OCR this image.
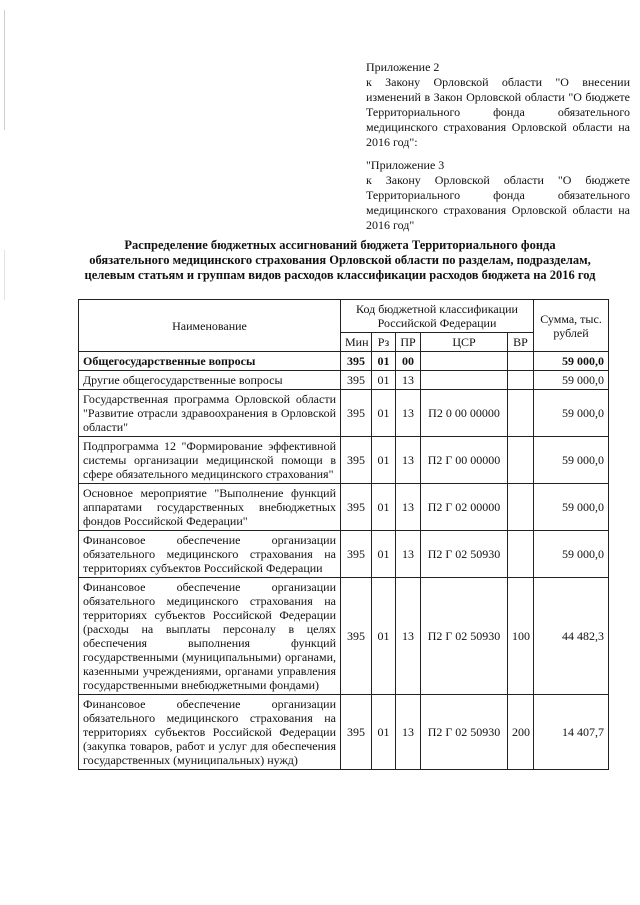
Приложение 2

к Закону Орловской области "О внесении изменений в Закон Орловской области "О бюджете Территориального фонда обязательного медицинского страхования Орловской области на 2016 год":

"Приложение 3

к Закону Орловской области "О бюджете Территориального фонда обязательного медицинского страхования Орловской области на 2016 год"

Распределение бюджетных ассигнований бюджета Территориального фонда обязательного медицинского страхования Орловской области по разделам, подразделам, целевым статьям и группам видов расходов классификации расходов бюджета на 2016 год
Наименование	Код бюджетной классификации Российской Федерации					Сумма, тыс. рублей
	Мин	Рз	ПР	ЦСР	ВР	
Общегосударственные вопросы	395	01	00			59 000,0
Другие общегосударственные вопросы	395	01	13			59 000,0
Государственная программа Орловской области "Развитие отрасли здравоохранения в Орловской области"	395	01	13	П2 0 00 00000		59 000,0
Подпрограмма 12 "Формирование эффективной системы организации медицинской помощи в сфере обязательного медицинского страхования"	395	01	13	П2 Г 00 00000		59 000,0
Основное мероприятие "Выполнение функций аппаратами государственных внебюджетных фондов Российской Федерации"	395	01	13	П2 Г 02 00000		59 000,0
Финансовое обеспечение организации обязательного медицинского страхования на территориях субъектов Российской Федерации	395	01	13	П2 Г 02 50930		59 000,0
Финансовое обеспечение организации обязательного медицинского страхования на территориях субъектов Российской Федерации (расходы на выплаты персоналу в целях обеспечения выполнения функций государственными (муниципальными) органами, казенными учреждениями, органами управления государственными внебюджетными фондами)	395	01	13	П2 Г 02 50930	100	44 482,3
Финансовое обеспечение организации обязательного медицинского страхования на территориях субъектов Российской Федерации (закупка товаров, работ и услуг для обеспечения государственных (муниципальных) нужд)	395	01	13	П2 Г 02 50930	200	14 407,7
